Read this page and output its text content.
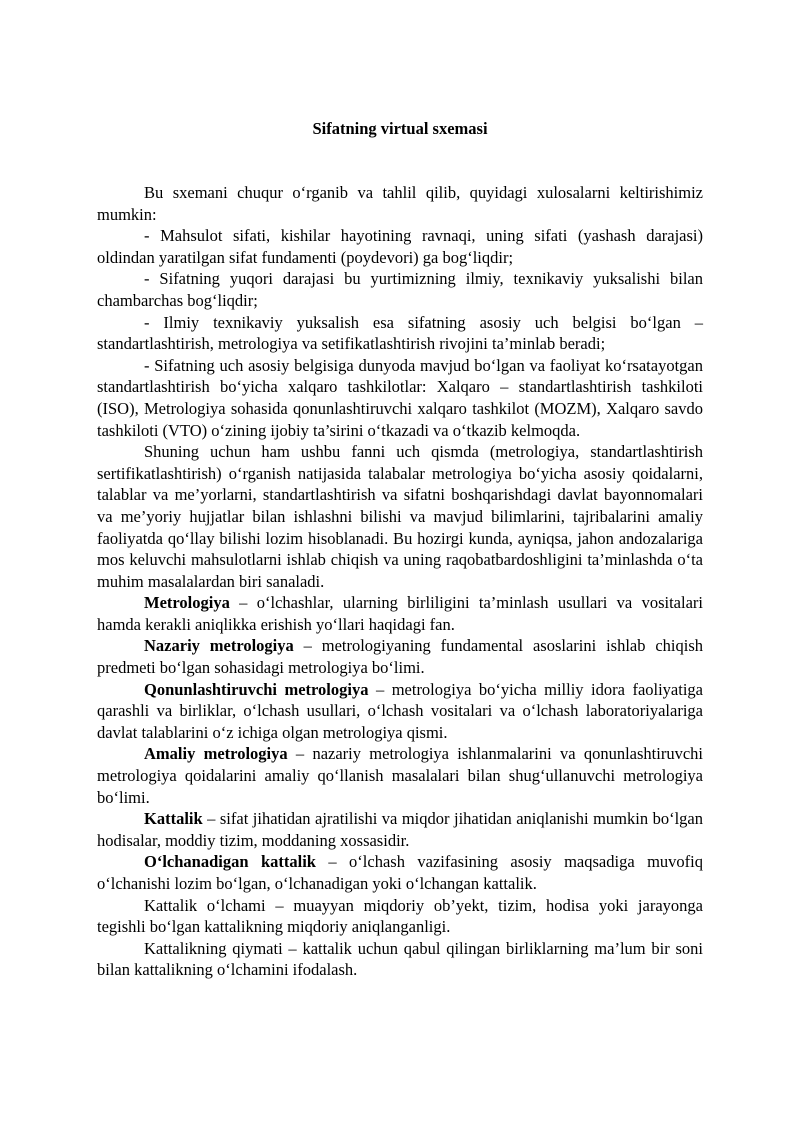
Sifatning virtual sxemasi

Bu sxemani chuqur o‘rganib va tahlil qilib, quyidagi xulosalarni keltirishimiz mumkin:

- Mahsulot sifati, kishilar hayotining ravnaqi, uning sifati (yashash darajasi) oldindan yaratilgan sifat fundamenti (poydevori) ga bog‘liqdir;

- Sifatning yuqori darajasi bu yurtimizning ilmiy, texnikaviy yuksalishi bilan chambarchas bog‘liqdir;

- Ilmiy texnikaviy yuksalish esa sifatning asosiy uch belgisi bo‘lgan – standartlashtirish, metrologiya va setifikatlashtirish rivojini ta’minlab beradi;

- Sifatning uch asosiy belgisiga dunyoda mavjud bo‘lgan va faoliyat ko‘rsatayotgan standartlashtirish bo‘yicha xalqaro tashkilotlar: Xalqaro – standartlashtirish tashkiloti (ISO), Metrologiya sohasida qonunlashtiruvchi xalqaro tashkilot (MOZM), Xalqaro savdo tashkiloti (VTO) o‘zining ijobiy ta’sirini o‘tkazadi va o‘tkazib kelmoqda.

Shuning uchun ham ushbu fanni uch qismda (metrologiya, standartlashtirish sertifikatlashtirish) o‘rganish natijasida talabalar metrologiya bo‘yicha asosiy qoidalarni, talablar va me’yorlarni, standartlashtirish va sifatni boshqarishdagi davlat bayonnomalari va me’yoriy hujjatlar bilan ishlashni bilishi va mavjud bilimlarini, tajribalarini amaliy faoliyatda qo‘llay bilishi lozim hisoblanadi. Bu hozirgi kunda, ayniqsa, jahon andozalariga mos keluvchi mahsulotlarni ishlab chiqish va uning raqobatbardoshligini ta’minlashda o‘ta muhim masalalardan biri sanaladi.

Metrologiya – o‘lchashlar, ularning birliligini ta’minlash usullari va vositalari hamda kerakli aniqlikka erishish yo‘llari haqidagi fan.

Nazariy metrologiya – metrologiyaning fundamental asoslarini ishlab chiqish predmeti bo‘lgan sohasidagi metrologiya bo‘limi.

Qonunlashtiruvchi metrologiya – metrologiya bo‘yicha milliy idora faoliyatiga qarashli va birliklar, o‘lchash usullari, o‘lchash vositalari va o‘lchash laboratoriyalariga davlat talablarini o‘z ichiga olgan metrologiya qismi.

Amaliy metrologiya – nazariy metrologiya ishlanmalarini va qonunlashtiruvchi metrologiya qoidalarini amaliy qo‘llanish masalalari bilan shug‘ullanuvchi metrologiya bo‘limi.

Kattalik – sifat jihatidan ajratilishi va miqdor jihatidan aniqlanishi mumkin bo‘lgan hodisalar, moddiy tizim, moddaning xossasidir.

O‘lchanadigan kattalik – o‘lchash vazifasining asosiy maqsadiga muvofiq o‘lchanishi lozim bo‘lgan, o‘lchanadigan yoki o‘lchangan kattalik.

Kattalik o‘lchami – muayyan miqdoriy ob’yekt, tizim, hodisa yoki jarayonga tegishli bo‘lgan kattalikning miqdoriy aniqlanganligi.

Kattalikning qiymati – kattalik uchun qabul qilingan birliklarning ma’lum bir soni bilan kattalikning o‘lchamini ifodalash.
